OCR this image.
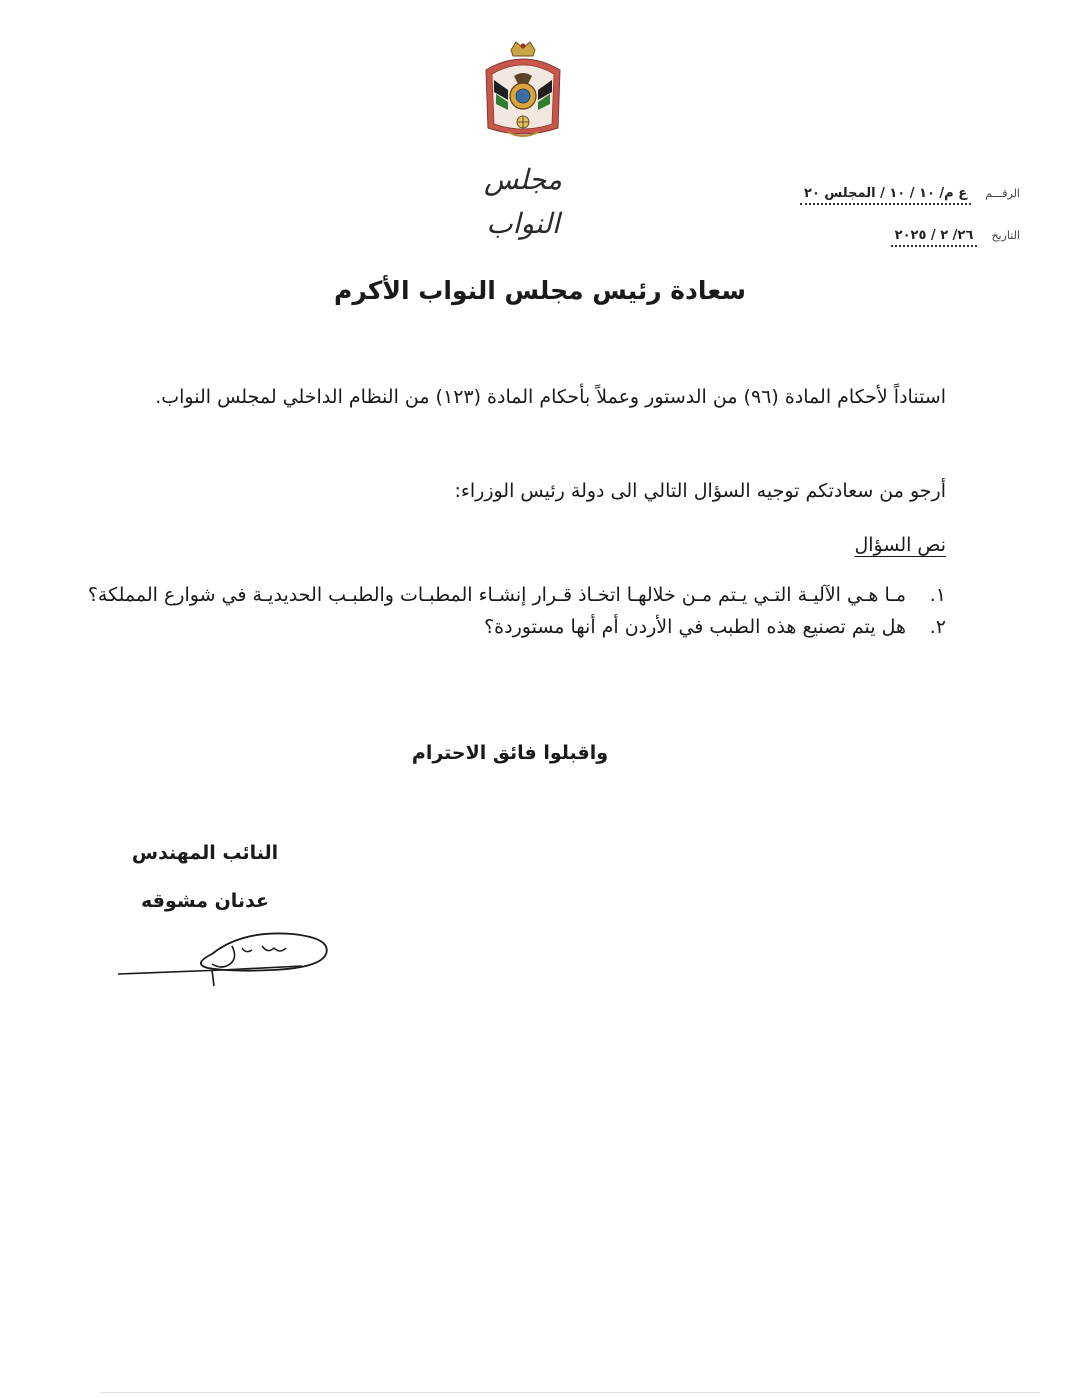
مجلس النواب
الرقـــم ع م/ ١٠ / ١٠ / المجلس ٢٠
التاريخ ٢٦/ ٢ / ٢٠٢٥
سعادة رئيس مجلس النواب الأكرم
استناداً لأحكام المادة (٩٦) من الدستور وعملاً بأحكام المادة (١٢٣) من النظام الداخلي لمجلس النواب.
أرجو من سعادتكم توجيه السؤال التالي الى دولة رئيس الوزراء:
نص السؤال
١.
مـا هـي الآليـة التـي يـتم مـن خلالهـا اتخـاذ قـرار إنشـاء المطبـات والطبـب الحديديـة في شوارع المملكة؟
٢.
هل يتم تصنيع هذه الطبب في الأردن أم أنها مستوردة؟
واقبلوا فائق الاحترام
النائب المهندس
عدنان مشوقه
